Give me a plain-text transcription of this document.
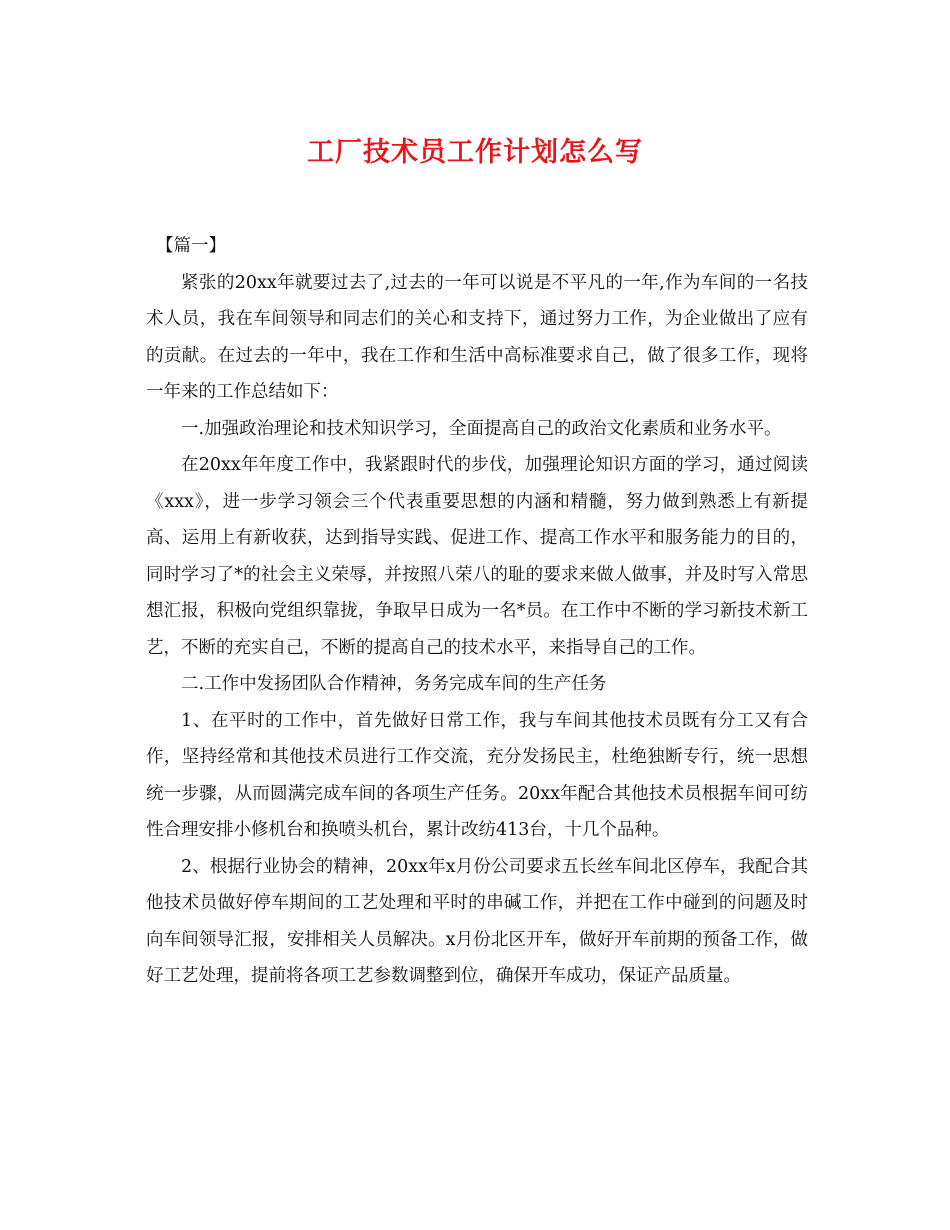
工厂技术员工作计划怎么写

【篇一】

紧张的20xx年就要过去了,过去的一年可以说是不平凡的一年,作为车间的一名技术人员，我在车间领导和同志们的关心和支持下，通过努力工作，为企业做出了应有的贡献。在过去的一年中，我在工作和生活中高标准要求自己，做了很多工作，现将一年来的工作总结如下：

一.加强政治理论和技术知识学习，全面提高自己的政治文化素质和业务水平。

在20xx年年度工作中，我紧跟时代的步伐，加强理论知识方面的学习，通过阅读《xxx》，进一步学习领会三个代表重要思想的内涵和精髓，努力做到熟悉上有新提高、运用上有新收获，达到指导实践、促进工作、提高工作水平和服务能力的目的，同时学习了*的社会主义荣辱，并按照八荣八的耻的要求来做人做事，并及时写入常思想汇报，积极向党组织靠拢，争取早日成为一名*员。在工作中不断的学习新技术新工艺，不断的充实自己，不断的提高自己的技术水平，来指导自己的工作。

二.工作中发扬团队合作精神，务务完成车间的生产任务

1、在平时的工作中，首先做好日常工作，我与车间其他技术员既有分工又有合作，坚持经常和其他技术员进行工作交流，充分发扬民主，杜绝独断专行，统一思想统一步骤，从而圆满完成车间的各项生产任务。20xx年配合其他技术员根据车间可纺性合理安排小修机台和换喷头机台，累计改纺413台，十几个品种。

2、根据行业协会的精神，20xx年x月份公司要求五长丝车间北区停车，我配合其他技术员做好停车期间的工艺处理和平时的串碱工作，并把在工作中碰到的问题及时向车间领导汇报，安排相关人员解决。x月份北区开车，做好开车前期的预备工作，做好工艺处理，提前将各项工艺参数调整到位，确保开车成功，保证产品质量。
